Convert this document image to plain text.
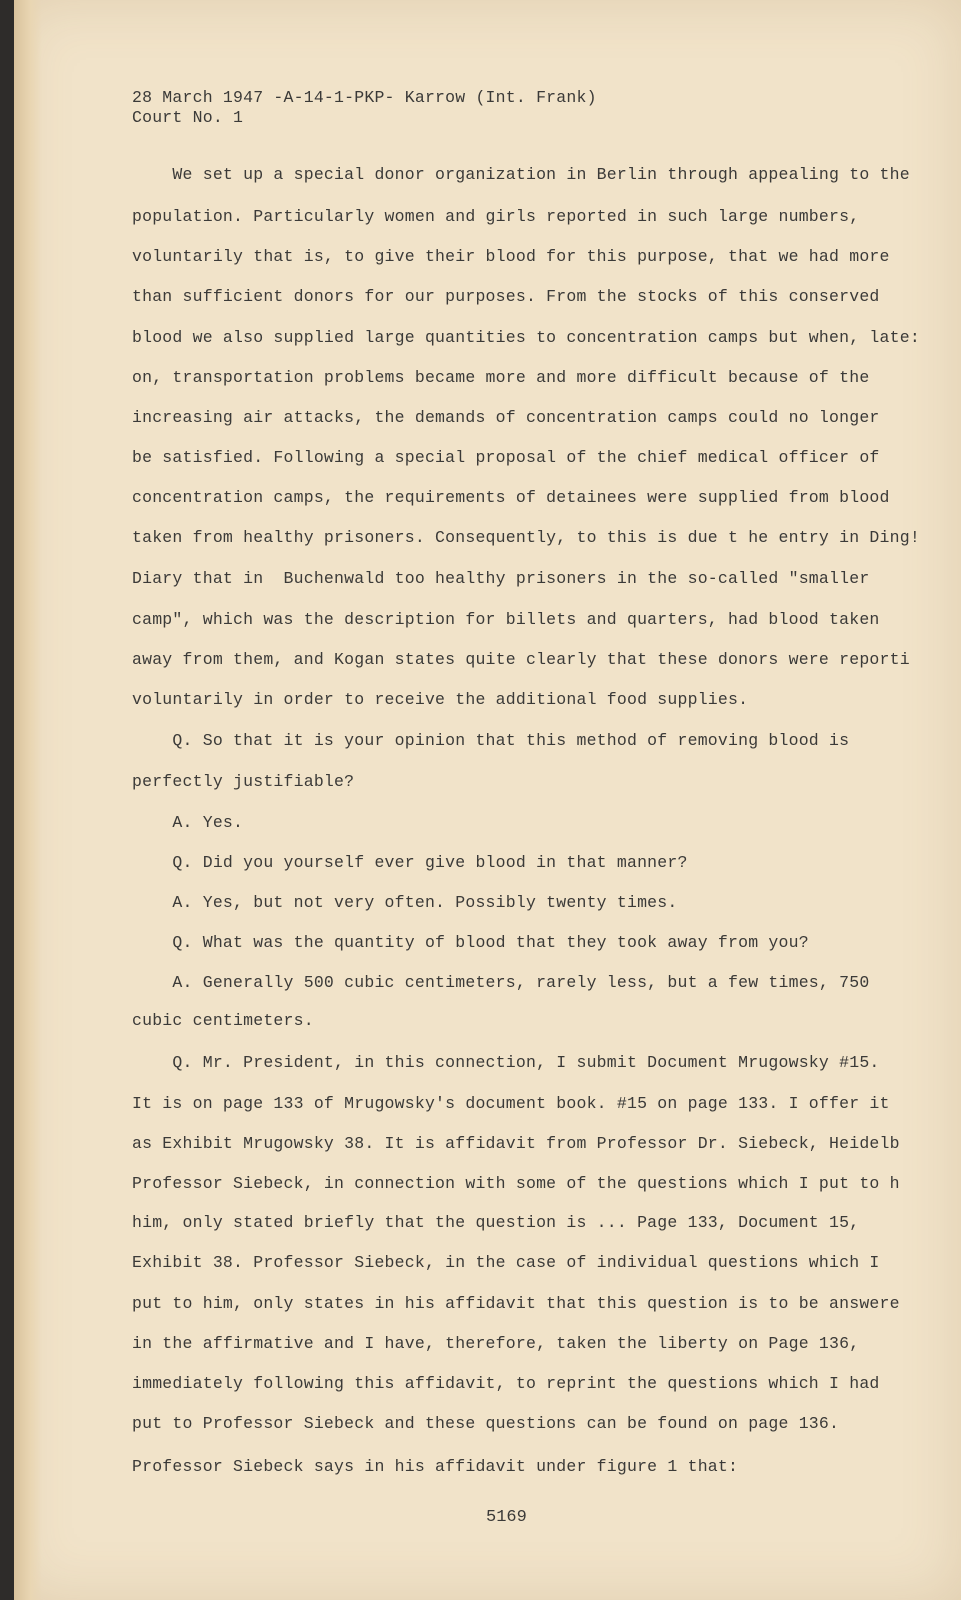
28 March 1947 -A-14-1-PKP- Karrow (Int. Frank)

Court No. 1

We set up a special donor organization in Berlin through appealing to the

population. Particularly women and girls reported in such large numbers,

voluntarily that is, to give their blood for this purpose, that we had more

than sufficient donors for our purposes. From the stocks of this conserved

blood we also supplied large quantities to concentration camps but when, late:

on, transportation problems became more and more difficult because of the

increasing air attacks, the demands of concentration camps could no longer

be satisfied. Following a special proposal of the chief medical officer of

concentration camps, the requirements of detainees were supplied from blood

taken from healthy prisoners. Consequently, to this is due t he entry in Ding!

Diary that in  Buchenwald too healthy prisoners in the so-called "smaller

camp", which was the description for billets and quarters, had blood taken

away from them, and Kogan states quite clearly that these donors were reporti

voluntarily in order to receive the additional food supplies.

Q. So that it is your opinion that this method of removing blood is

perfectly justifiable?

A. Yes.

Q. Did you yourself ever give blood in that manner?

A. Yes, but not very often. Possibly twenty times.

Q. What was the quantity of blood that they took away from you?

A. Generally 500 cubic centimeters, rarely less, but a few times, 750

cubic centimeters.

Q. Mr. President, in this connection, I submit Document Mrugowsky #15.

It is on page 133 of Mrugowsky's document book. #15 on page 133. I offer it

as Exhibit Mrugowsky 38. It is affidavit from Professor Dr. Siebeck, Heidelb

Professor Siebeck, in connection with some of the questions which I put to h

him, only stated briefly that the question is ... Page 133, Document 15,

Exhibit 38. Professor Siebeck, in the case of individual questions which I

put to him, only states in his affidavit that this question is to be answere

in the affirmative and I have, therefore, taken the liberty on Page 136,

immediately following this affidavit, to reprint the questions which I had

put to Professor Siebeck and these questions can be found on page 136.

Professor Siebeck says in his affidavit under figure 1 that:

5169
